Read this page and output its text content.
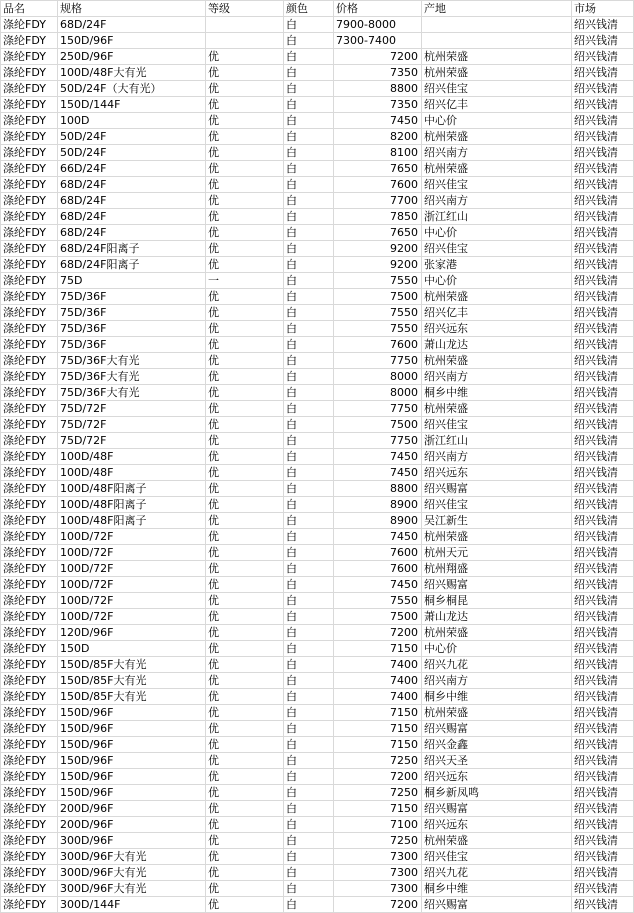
品名	规格	等级	颜色	价格	产地	市场
涤纶FDY	68D/24F		白	7900-8000		绍兴钱清
涤纶FDY	150D/96F		白	7300-7400		绍兴钱清
涤纶FDY	250D/96F	优	白	7200	杭州荣盛	绍兴钱清
涤纶FDY	100D/48F大有光	优	白	7350	杭州荣盛	绍兴钱清
涤纶FDY	50D/24F（大有光）	优	白	8800	绍兴佳宝	绍兴钱清
涤纶FDY	150D/144F	优	白	7350	绍兴亿丰	绍兴钱清
涤纶FDY	100D	优	白	7450	中心价	绍兴钱清
涤纶FDY	50D/24F	优	白	8200	杭州荣盛	绍兴钱清
涤纶FDY	50D/24F	优	白	8100	绍兴南方	绍兴钱清
涤纶FDY	66D/24F	优	白	7650	杭州荣盛	绍兴钱清
涤纶FDY	68D/24F	优	白	7600	绍兴佳宝	绍兴钱清
涤纶FDY	68D/24F	优	白	7700	绍兴南方	绍兴钱清
涤纶FDY	68D/24F	优	白	7850	浙江红山	绍兴钱清
涤纶FDY	68D/24F	优	白	7650	中心价	绍兴钱清
涤纶FDY	68D/24F阳离子	优	白	9200	绍兴佳宝	绍兴钱清
涤纶FDY	68D/24F阳离子	优	白	9200	张家港	绍兴钱清
涤纶FDY	75D	一	白	7550	中心价	绍兴钱清
涤纶FDY	75D/36F	优	白	7500	杭州荣盛	绍兴钱清
涤纶FDY	75D/36F	优	白	7550	绍兴亿丰	绍兴钱清
涤纶FDY	75D/36F	优	白	7550	绍兴远东	绍兴钱清
涤纶FDY	75D/36F	优	白	7600	萧山龙达	绍兴钱清
涤纶FDY	75D/36F大有光	优	白	7750	杭州荣盛	绍兴钱清
涤纶FDY	75D/36F大有光	优	白	8000	绍兴南方	绍兴钱清
涤纶FDY	75D/36F大有光	优	白	8000	桐乡中维	绍兴钱清
涤纶FDY	75D/72F	优	白	7750	杭州荣盛	绍兴钱清
涤纶FDY	75D/72F	优	白	7500	绍兴佳宝	绍兴钱清
涤纶FDY	75D/72F	优	白	7750	浙江红山	绍兴钱清
涤纶FDY	100D/48F	优	白	7450	绍兴南方	绍兴钱清
涤纶FDY	100D/48F	优	白	7450	绍兴远东	绍兴钱清
涤纶FDY	100D/48F阳离子	优	白	8800	绍兴赐富	绍兴钱清
涤纶FDY	100D/48F阳离子	优	白	8900	绍兴佳宝	绍兴钱清
涤纶FDY	100D/48F阳离子	优	白	8900	吴江新生	绍兴钱清
涤纶FDY	100D/72F	优	白	7450	杭州荣盛	绍兴钱清
涤纶FDY	100D/72F	优	白	7600	杭州天元	绍兴钱清
涤纶FDY	100D/72F	优	白	7600	杭州翔盛	绍兴钱清
涤纶FDY	100D/72F	优	白	7450	绍兴赐富	绍兴钱清
涤纶FDY	100D/72F	优	白	7550	桐乡桐昆	绍兴钱清
涤纶FDY	100D/72F	优	白	7500	萧山龙达	绍兴钱清
涤纶FDY	120D/96F	优	白	7200	杭州荣盛	绍兴钱清
涤纶FDY	150D	优	白	7150	中心价	绍兴钱清
涤纶FDY	150D/85F大有光	优	白	7400	绍兴九花	绍兴钱清
涤纶FDY	150D/85F大有光	优	白	7400	绍兴南方	绍兴钱清
涤纶FDY	150D/85F大有光	优	白	7400	桐乡中维	绍兴钱清
涤纶FDY	150D/96F	优	白	7150	杭州荣盛	绍兴钱清
涤纶FDY	150D/96F	优	白	7150	绍兴赐富	绍兴钱清
涤纶FDY	150D/96F	优	白	7150	绍兴金鑫	绍兴钱清
涤纶FDY	150D/96F	优	白	7250	绍兴天圣	绍兴钱清
涤纶FDY	150D/96F	优	白	7200	绍兴远东	绍兴钱清
涤纶FDY	150D/96F	优	白	7250	桐乡新凤鸣	绍兴钱清
涤纶FDY	200D/96F	优	白	7150	绍兴赐富	绍兴钱清
涤纶FDY	200D/96F	优	白	7100	绍兴远东	绍兴钱清
涤纶FDY	300D/96F	优	白	7250	杭州荣盛	绍兴钱清
涤纶FDY	300D/96F大有光	优	白	7300	绍兴佳宝	绍兴钱清
涤纶FDY	300D/96F大有光	优	白	7300	绍兴九花	绍兴钱清
涤纶FDY	300D/96F大有光	优	白	7300	桐乡中维	绍兴钱清
涤纶FDY	300D/144F	优	白	7200	绍兴赐富	绍兴钱清
